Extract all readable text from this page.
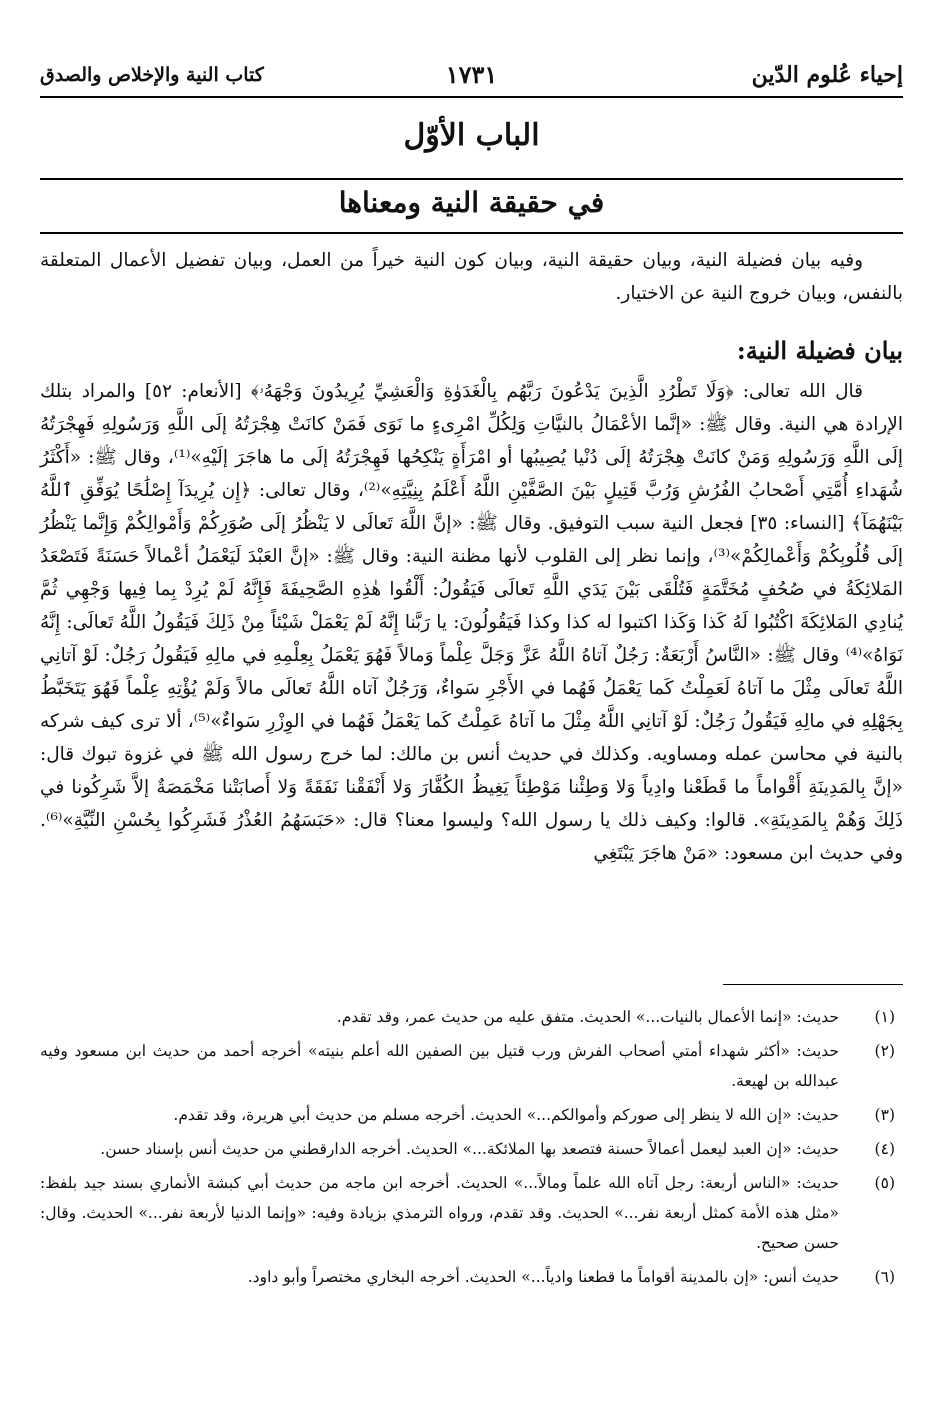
إحياء عُلوم الدّين
۱۷۳۱
كتاب النية والإخلاص والصدق
الباب الأوّل
في حقيقة النية ومعناها

وفيه بيان فضيلة النية، وبيان حقيقة النية، وبيان كون النية خيراً من العمل، وبيان تفضيل الأعمال المتعلقة بالنفس، وبيان خروج النية عن الاختيار.

بيان فضيلة النية:

قال الله تعالى: ﴿وَلَا تَطْرُدِ الَّذِينَ يَدْعُونَ رَبَّهُم بِالْغَدَوٰةِ وَالْعَشِيِّ يُرِيدُونَ وَجْهَهُۥ﴾ [الأنعام: ٥٢] والمراد بتلك الإرادة هي النية. وقال ﷺ: «إنَّما الأعْمَالُ بالنيَّاتِ وَلِكُلِّ امْرِىءٍ ما نَوَى فَمَنْ كانَتْ هِجْرَتُهُ إلَى اللَّهِ وَرَسُولِهِ فَهِجْرَتُهُ إلَى اللَّهِ وَرَسُولِهِ وَمَنْ كانَتْ هِجْرَتُهُ إلَى دُنْيا يُصِيبُها أو امْرَأَةٍ يَنْكِحُها فَهِجْرَتُهُ إلَى ما هاجَرَ إلَيْهِ»⁽¹⁾، وقال ﷺ: «أَكْثَرُ شُهَداءِ أُمَّتِي أَصْحابُ الفُرُشِ وَرُبَّ قَتِيلٍ بَيْنَ الصَّفَّيْنِ اللَّهُ أَعْلَمُ بِنِيَّتِهِ»⁽²⁾، وقال تعالى: ﴿إِن يُرِيدَآ إِصْلَٰحًا يُوَفِّقِ ٱللَّهُ بَيْنَهُمَآ﴾ [النساء: ٣٥] فجعل النية سبب التوفيق. وقال ﷺ: «إنَّ اللَّهَ تَعالَى لا يَنْظُرُ إلَى صُوَرِكُمْ وَأَمْوالِكُمْ وَإِنَّما يَنْظُرُ إلَى قُلُوبِكُمْ وَأَعْمالِكُمْ»⁽³⁾، وإنما نظر إلى القلوب لأنها مظنة النية: وقال ﷺ: «إنَّ العَبْدَ لَيَعْمَلُ أعْمالاً حَسَنَةً فَتَصْعَدُ المَلائِكَةُ في صُحُفٍ مُخَتَّمَةٍ فَتُلْقَى بَيْنَ يَدَي اللَّهِ تَعالَى فَيَقُولُ: أَلْقُوا هٰذِهِ الصَّحِيفَةَ فَإِنَّهُ لَمْ يُرِدْ بِما فِيها وَجْهِي ثُمَّ يُنادِي المَلائِكَةَ اكْتُبُوا لَهُ كَذا وَكَذا اكتبوا له كذا وكذا فَيَقُولُونَ: يا رَبَّنا إِنَّهُ لَمْ يَعْمَلْ شَيْئاً مِنْ ذَلِكَ فَيَقُولُ اللَّهُ تَعالَى: إِنَّهُ نَوَاهُ»⁽⁴⁾ وقال ﷺ: «النَّاسُ أَرْبَعَةٌ: رَجُلٌ آتاهُ اللَّهُ عَزَّ وَجَلَّ عِلْماً وَمالاً فَهُوَ يَعْمَلُ بِعِلْمِهِ في مالِهِ فَيَقُولُ رَجُلٌ: لَوْ آتانِي اللَّهُ تَعالَى مِثْلَ ما آتاهُ لَعَمِلْتُ كَما يَعْمَلُ فَهُما في الأَجْرِ سَواءٌ، وَرَجُلٌ آتاه اللَّهُ تَعالَى مالاً وَلَمْ يُؤْتِهِ عِلْماً فَهُوَ يَتَخَبَّطُ بِجَهْلِهِ في مالِهِ فَيَقُولُ رَجُلٌ: لَوْ آتانِي اللَّهُ مِثْلَ ما آتاهُ عَمِلْتُ كَما يَعْمَلُ فَهُما في الوِزْرِ سَواءٌ»⁽⁵⁾، ألا ترى كيف شركه بالنية في محاسن عمله ومساويه. وكذلك في حديث أنس بن مالك: لما خرج رسول الله ﷺ في غزوة تبوك قال: «إنَّ بِالمَدِينَةِ أَقْواماً ما قَطَعْنا وادِياً وَلا وَطِئْنا مَوْطِئاً يَغِيظُ الكُفَّارَ وَلا أَنْفَقْنا نَفَقَةً وَلا أَصابَتْنا مَخْمَصَةٌ إلاَّ شَرِكُونا في ذَلِكَ وَهُمْ بِالمَدِينَةِ». قالوا: وكيف ذلك يا رسول الله؟ وليسوا معنا؟ قال: «حَبَسَهُمُ العُذْرُ فَشَرِكُوا بِحُسْنِ النِّيَّةِ»⁽⁶⁾. وفي حديث ابن مسعود: «مَنْ هاجَرَ يَبْتَغِي

(١)
حديث: «إنما الأعمال بالنيات...» الحديث. متفق عليه من حديث عمر، وقد تقدم.
(٢)
حديث: «أكثر شهداء أمتي أصحاب الفرش ورب قتيل بين الصفين الله أعلم بنيته» أخرجه أحمد من حديث ابن مسعود وفيه عبدالله بن لهيعة.
(٣)
حديث: «إن الله لا ينظر إلى صوركم وأموالكم...» الحديث. أخرجه مسلم من حديث أبي هريرة، وقد تقدم.
(٤)
حديث: «إن العبد ليعمل أعمالاً حسنة فتصعد بها الملائكة...» الحديث. أخرجه الدارقطني من حديث أنس بإسناد حسن.
(٥)
حديث: «الناس أربعة: رجل آتاه الله علماً ومالاً...» الحديث. أخرجه ابن ماجه من حديث أبي كبشة الأنماري بسند جيد بلفظ: «مثل هذه الأمة كمثل أربعة نفر...» الحديث. وقد تقدم، ورواه الترمذي بزيادة وفيه: «وإنما الدنيا لأربعة نفر...» الحديث. وقال: حسن صحيح.
(٦)
حديث أنس: «إن بالمدينة أقواماً ما قطعنا وادياً...» الحديث. أخرجه البخاري مختصراً وأبو داود.
